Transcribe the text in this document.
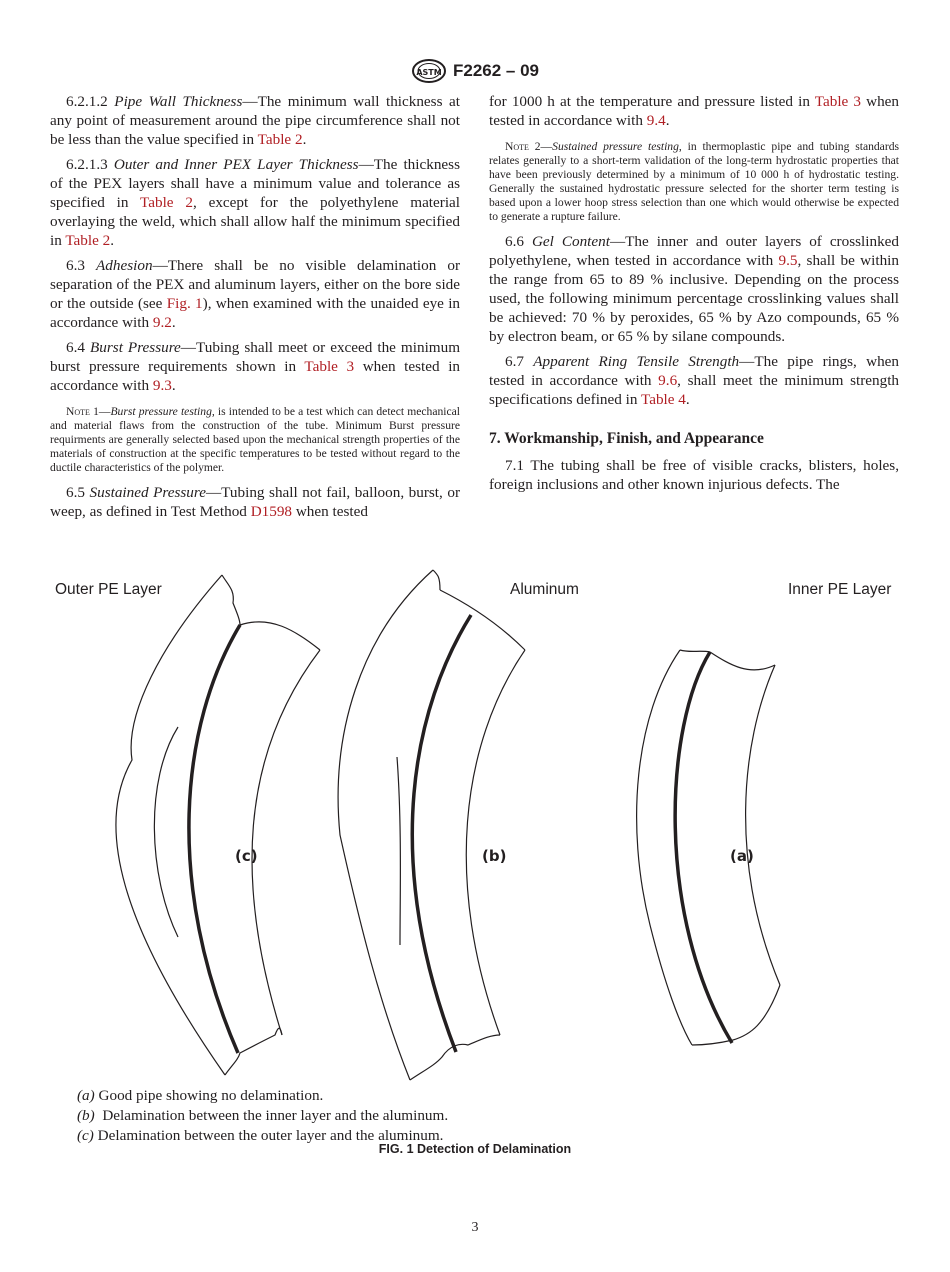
ASTM F2262 – 09

6.2.1.2 Pipe Wall Thickness—The minimum wall thickness at any point of measurement around the pipe circumference shall not be less than the value specified in Table 2.

6.2.1.3 Outer and Inner PEX Layer Thickness—The thickness of the PEX layers shall have a minimum value and tolerance as specified in Table 2, except for the polyethylene material overlaying the weld, which shall allow half the minimum specified in Table 2.

6.3 Adhesion—There shall be no visible delamination or separation of the PEX and aluminum layers, either on the bore side or the outside (see Fig. 1), when examined with the unaided eye in accordance with 9.2.

6.4 Burst Pressure—Tubing shall meet or exceed the minimum burst pressure requirements shown in Table 3 when tested in accordance with 9.3.

Note 1—Burst pressure testing, is intended to be a test which can detect mechanical and material flaws from the construction of the tube. Minimum Burst pressure requirments are generally selected based upon the mechanical strength properties of the materials of construction at the specific temperatures to be tested without regard to the ductile characteristics of the polymer.

6.5 Sustained Pressure—Tubing shall not fail, balloon, burst, or weep, as defined in Test Method D1598 when tested

for 1000 h at the temperature and pressure listed in Table 3 when tested in accordance with 9.4.

Note 2—Sustained pressure testing, in thermoplastic pipe and tubing standards relates generally to a short-term validation of the long-term hydrostatic properties that have been previously determined by a minimum of 10 000 h of hydrostatic testing. Generally the sustained hydrostatic pressure selected for the shorter term testing is based upon a lower hoop stress selection than one which would otherwise be expected to generate a rupture failure.

6.6 Gel Content—The inner and outer layers of crosslinked polyethylene, when tested in accordance with 9.5, shall be within the range from 65 to 89 % inclusive. Depending on the process used, the following minimum percentage crosslinking values shall be achieved: 70 % by peroxides, 65 % by Azo compounds, 65 % by electron beam, or 65 % by silane compounds.

6.7 Apparent Ring Tensile Strength—The pipe rings, when tested in accordance with 9.6, shall meet the minimum strength specifications defined in Table 4.

7. Workmanship, Finish, and Appearance

7.1 The tubing shall be free of visible cracks, blisters, holes, foreign inclusions and other known injurious defects. The

Outer PE Layer	Aluminum	Inner PE Layer
(c)	(b)	(a)
(a) Good pipe showing no delamination.
(b)  Delamination between the inner layer and the aluminum.
(c) Delamination between the outer layer and the aluminum.
FIG. 1 Detection of Delamination
3
